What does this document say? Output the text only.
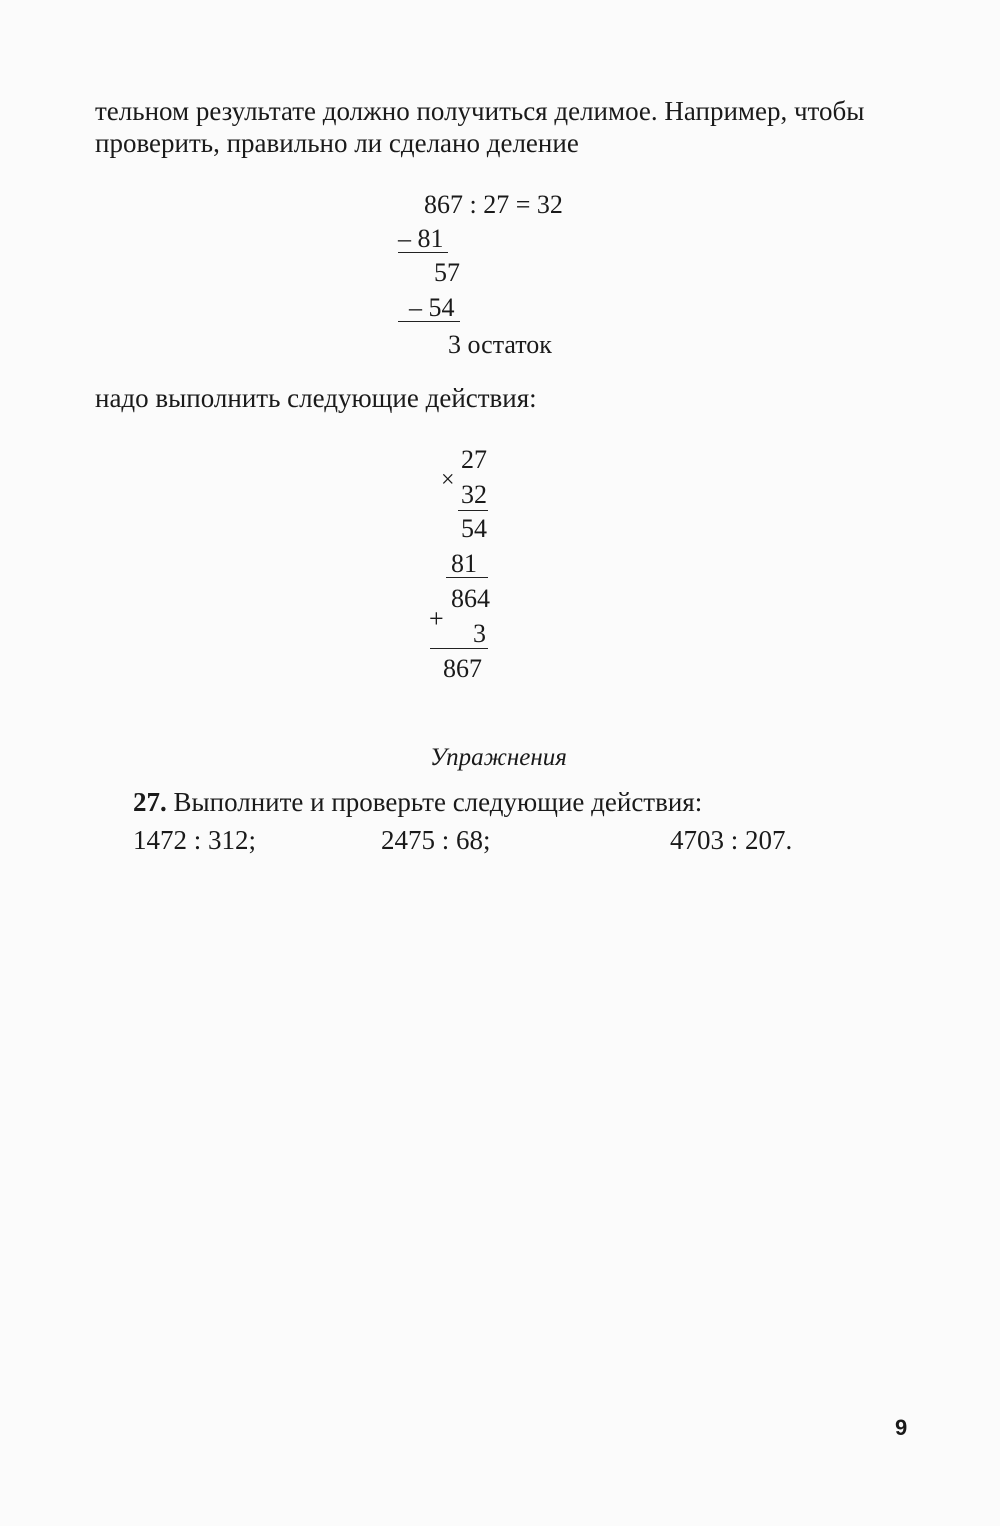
тельном результате должно получиться делимое. Например, чтобы
проверить, правильно ли сделано деление
867 : 27 = 32
– 81
57
– 54
3 остаток
надо выполнить следующие действия:
27
× 32
54
81
864
+
3
867
Упражнения
27. Выполните и проверьте следующие действия:
1472 : 312;	2475 : 68;	4703 : 207.
9
